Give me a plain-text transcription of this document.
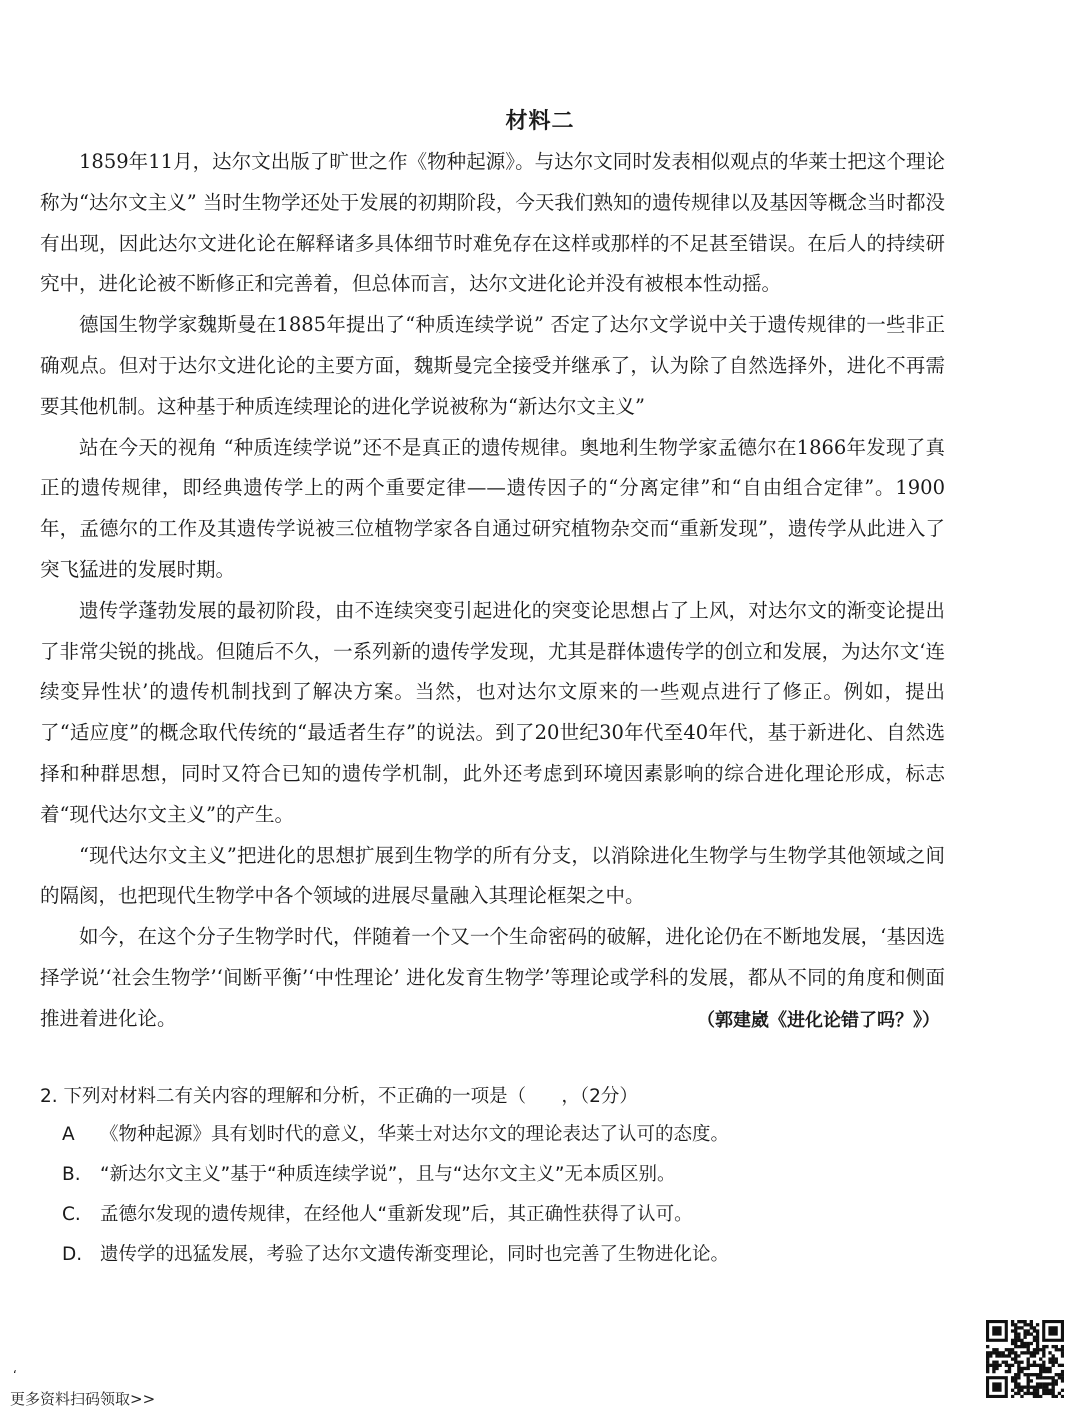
材料二

1859年11月，达尔文出版了旷世之作《物种起源》。与达尔文同时发表相似观点的华莱士把这个理论称为“达尔文主义” 当时生物学还处于发展的初期阶段，今天我们熟知的遗传规律以及基因等概念当时都没有出现，因此达尔文进化论在解释诸多具体细节时难免存在这样或那样的不足甚至错误。在后人的持续研究中，进化论被不断修正和完善着，但总体而言，达尔文进化论并没有被根本性动摇。

德国生物学家魏斯曼在1885年提出了“种质连续学说” 否定了达尔文学说中关于遗传规律的一些非正确观点。但对于达尔文进化论的主要方面，魏斯曼完全接受并继承了，认为除了自然选择外，进化不再需要其他机制。这种基于种质连续理论的进化学说被称为“新达尔文主义”

站在今天的视角 “种质连续学说”还不是真正的遗传规律。奥地利生物学家孟德尔在1866年发现了真正的遗传规律，即经典遗传学上的两个重要定律——遗传因子的“分离定律”和“自由组合定律”。1900年，孟德尔的工作及其遗传学说被三位植物学家各自通过研究植物杂交而“重新发现”，遗传学从此进入了突飞猛进的发展时期。

遗传学蓬勃发展的最初阶段，由不连续突变引起进化的突变论思想占了上风，对达尔文的渐变论提出了非常尖锐的挑战。但随后不久，一系列新的遗传学发现，尤其是群体遗传学的创立和发展，为达尔文‘连续变异性状’的遗传机制找到了解决方案。当然，也对达尔文原来的一些观点进行了修正。例如，提出了“适应度”的概念取代传统的“最适者生存”的说法。到了20世纪30年代至40年代，基于新进化、自然选择和种群思想，同时又符合已知的遗传学机制，此外还考虑到环境因素影响的综合进化理论形成，标志着“现代达尔文主义”的产生。

“现代达尔文主义”把进化的思想扩展到生物学的所有分支，以消除进化生物学与生物学其他领域之间的隔阂，也把现代生物学中各个领域的进展尽量融入其理论框架之中。

如今，在这个分子生物学时代，伴随着一个又一个生命密码的破解，进化论仍在不断地发展，‘基因选择学说’‘社会生物学’‘间断平衡’‘中性理论’ 进化发育生物学’等理论或学科的发展，都从不同的角度和侧面推进着进化论。	（郭建崴《进化论错了吗？》）
2. 下列对材料二有关内容的理解和分析，不正确的一项是（      ，（2分）
A	《物种起源》具有划时代的意义，华莱士对达尔文的理论表达了认可的态度。
B.	“新达尔文主义”基于“种质连续学说”，且与“达尔文主义”无本质区别。
C.	孟德尔发现的遗传规律，在经他人“重新发现”后，其正确性获得了认可。
D. 遗传学的迅猛发展，考验了达尔文遗传渐变理论，同时也完善了生物进化论。
‘
更多资料扫码领取>>
